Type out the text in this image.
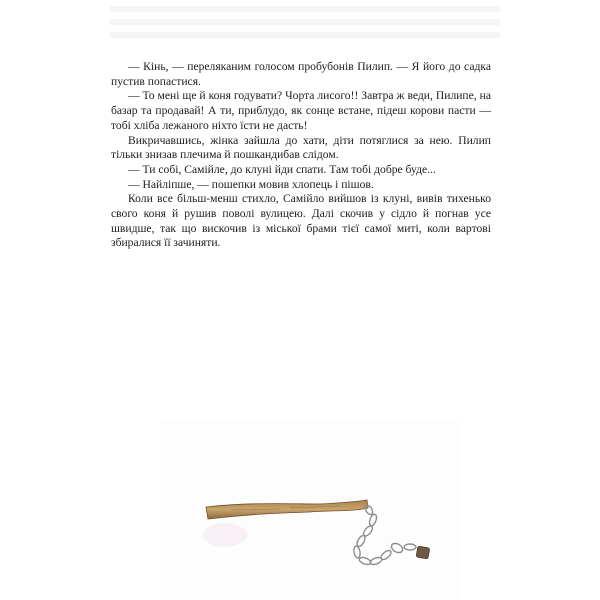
— Кінь, — переляканим голосом пробубонів Пилип. — Я його до садка пустив попастися.

— То мені ще й коня годувати? Чорта лисого!! Завтра ж веди, Пилипе, на базар та продавай! А ти, приблудо, як сонце встане, підеш корови пасти — тобі хліба лежаного ніхто їсти не дасть!

Викричавшись, жінка зайшла до хати, діти потяглися за нею. Пилип тільки знизав плечима й пошкандибав слідом.

— Ти собі, Самійле, до клуні йди спати. Там тобі добре буде...

— Найліпше, — пошепки мовив хлопець і пішов.

Коли все більш-менш стихло, Самійло вийшов із клуні, вивів тихенько свого коня й рушив поволі вулицею. Далі скочив у сідло й погнав усе швидше, так що вискочив із міської брами тієї самої миті, коли вартові збиралися її зачиняти.
